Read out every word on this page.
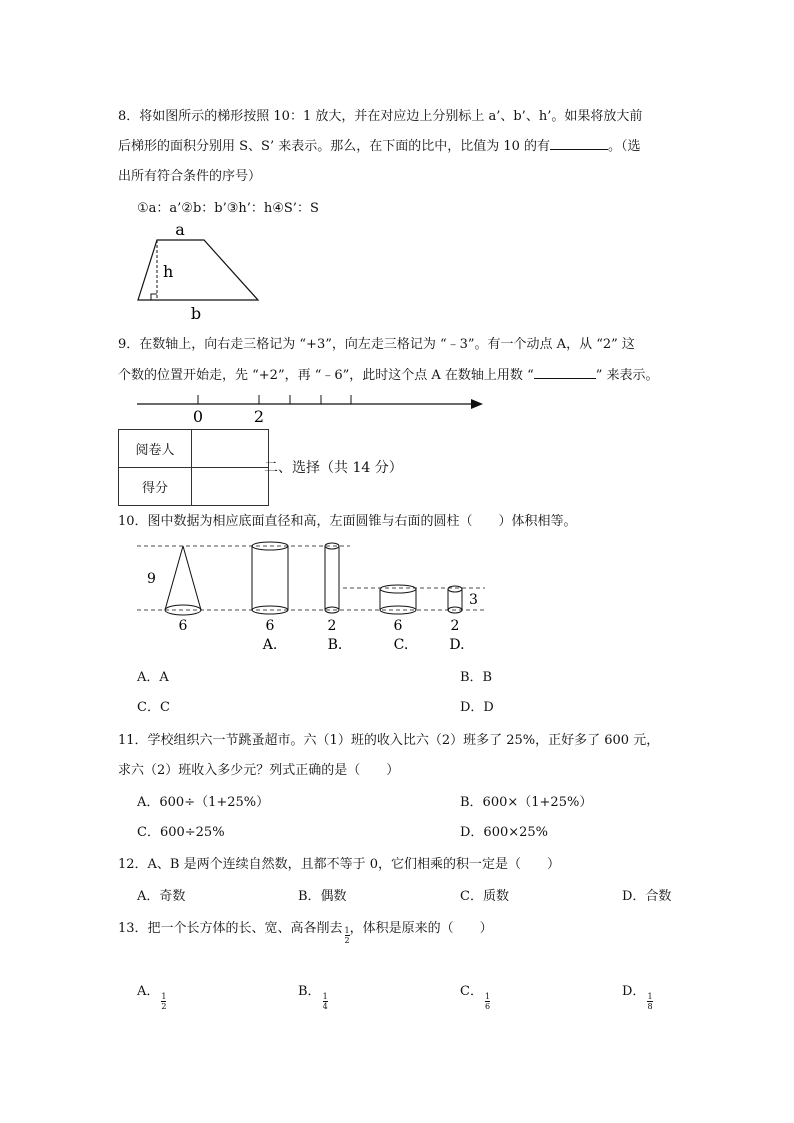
8．将如图所示的梯形按照 10：1 放大，并在对应边上分别标上 a’、b’、h’。如果将放大前
后梯形的面积分别用 S、S’ 来表示。那么，在下面的比中，比值为 10 的有	。（选
出所有符合条件的序号）
①a：a’②b：b’③h’：h④S’：S
a
h
b
9．在数轴上，向右走三格记为 “+3”，向左走三格记为 “﹣3”。有一个动点 A，从 “2” 这
个数的位置开始走，先 “+2”，再 “﹣6”，此时这个点 A 在数轴上用数 “	” 来表示。
0	2
阅卷人	
得分	
二、选择（共 14 分）
10．图中数据为相应底面直径和高，左面圆锥与右面的圆柱（　　）体积相等。
9
6	6
A.
2
B.
6
C.
2
D.
3
A．A	B．B
C．C	D．D
11．学校组织六一节跳蚤超市。六（1）班的收入比六（2）班多了 25%，正好多了 600 元，
求六（2）班收入多少元？列式正确的是（　　）
A．600÷（1+25%）	B．600×（1+25%）
C．600÷25%	D．600×25%
12．A、B 是两个连续自然数，且都不等于 0，它们相乘的积一定是（　　）
A．奇数	B．偶数	C．质数	D．合数
13．把一个长方体的长、宽、高各削去 $\frac{1}{2}$ ，体积是原来的（　　）
A．
$\frac{1}{2}$
B．
$\frac{1}{4}$
C．
$\frac{1}{6}$
D．
$\frac{1}{8}$
